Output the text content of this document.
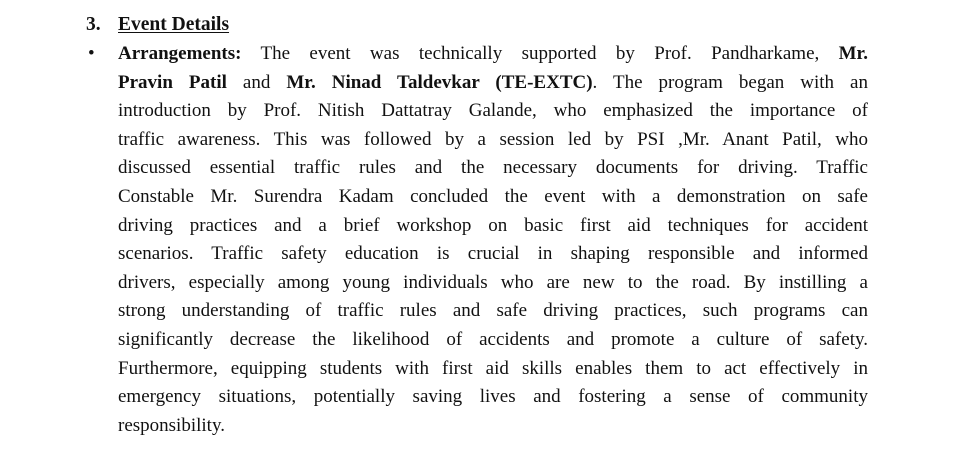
3. Event Details
• Arrangements: The event was technically supported by Prof. Pandharkame, Mr.
Pravin Patil and Mr. Ninad Taldevkar (TE-EXTC). The program began with an
introduction by Prof. Nitish Dattatray Galande, who emphasized the importance of
traffic awareness. This was followed by a session led by PSI ,Mr. Anant Patil, who
discussed essential traffic rules and the necessary documents for driving. Traffic
Constable Mr. Surendra Kadam concluded the event with a demonstration on safe
driving practices and a brief workshop on basic first aid techniques for accident
scenarios. Traffic safety education is crucial in shaping responsible and informed
drivers, especially among young individuals who are new to the road. By instilling a
strong understanding of traffic rules and safe driving practices, such programs can
significantly decrease the likelihood of accidents and promote a culture of safety.
Furthermore, equipping students with first aid skills enables them to act effectively in
emergency situations, potentially saving lives and fostering a sense of community
responsibility.
